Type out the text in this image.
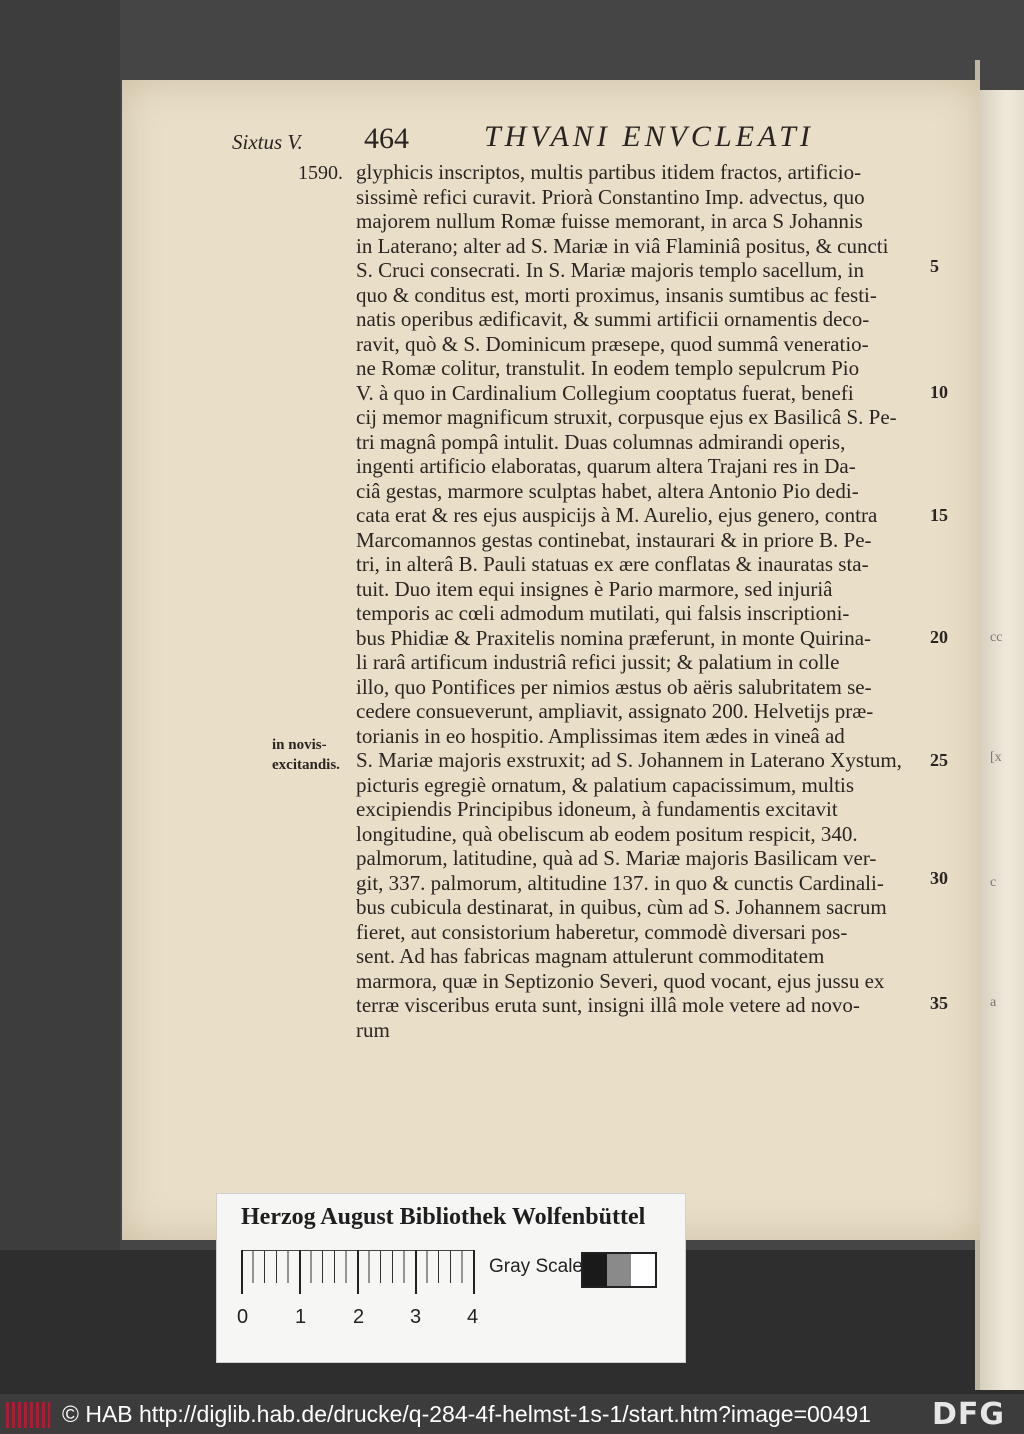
cc
[x
c
a
Sixtus V. 464	THVANI ENVCLEATI
1590.
in novis-
excitandis.
glyphicis inscriptos, multis partibus itidem fractos, artificio-
sissimè refici curavit. Priorà Constantino Imp. advectus, quo
majorem nullum Romæ fuisse memorant, in arca S Johannis
in Laterano; alter ad S. Mariæ in viâ Flaminiâ positus, & cuncti
S. Cruci consecrati. In S. Mariæ majoris templo sacellum, in
quo & conditus est, morti proximus, insanis sumtibus ac festi-
natis operibus ædificavit, & summi artificii ornamentis deco-
ravit, quò & S. Dominicum præsepe, quod summâ veneratio-
ne Romæ colitur, transtulit. In eodem templo sepulcrum Pio
V. à quo in Cardinalium Collegium cooptatus fuerat, benefi
cij memor magnificum struxit, corpusque ejus ex Basilicâ S. Pe-
tri magnâ pompâ intulit. Duas columnas admirandi operis,
ingenti artificio elaboratas, quarum altera Trajani res in Da-
ciâ gestas, marmore sculptas habet, altera Antonio Pio dedi-
cata erat & res ejus auspicijs à M. Aurelio, ejus genero, contra
Marcomannos gestas continebat, instaurari & in priore B. Pe-
tri, in alterâ B. Pauli statuas ex ære conflatas & inauratas sta-
tuit. Duo item equi insignes è Pario marmore, sed injuriâ
temporis ac cœli admodum mutilati, qui falsis inscriptioni-
bus Phidiæ & Praxitelis nomina præferunt, in monte Quirina-
li rarâ artificum industriâ refici jussit; & palatium in colle
illo, quo Pontifices per nimios æstus ob aëris salubritatem se-
cedere consueverunt, ampliavit, assignato 200. Helvetijs præ-
torianis in eo hospitio. Amplissimas item ædes in vineâ ad
S. Mariæ majoris exstruxit; ad S. Johannem in Laterano Xystum,
picturis egregiè ornatum, & palatium capacissimum, multis
excipiendis Principibus idoneum, à fundamentis excitavit
longitudine, quà obeliscum ab eodem positum respicit, 340.
palmorum, latitudine, quà ad S. Mariæ majoris Basilicam ver-
git, 337. palmorum, altitudine 137. in quo & cunctis Cardinali-
bus cubicula destinarat, in quibus, cùm ad S. Johannem sacrum
fieret, aut consistorium haberetur, commodè diversari pos-
sent. Ad has fabricas magnam attulerunt commoditatem
marmora, quæ in Septizonio Severi, quod vocant, ejus jussu ex
terræ visceribus eruta sunt, insigni illâ mole vetere ad novo-
rum
5
10
15
20
25
30
35
Herzog August Bibliothek Wolfenbüttel
0 1 2 3 4
Gray Scale
© HAB http://diglib.hab.de/drucke/q-284-4f-helmst-1s-1/start.htm?image=00491 DFG
